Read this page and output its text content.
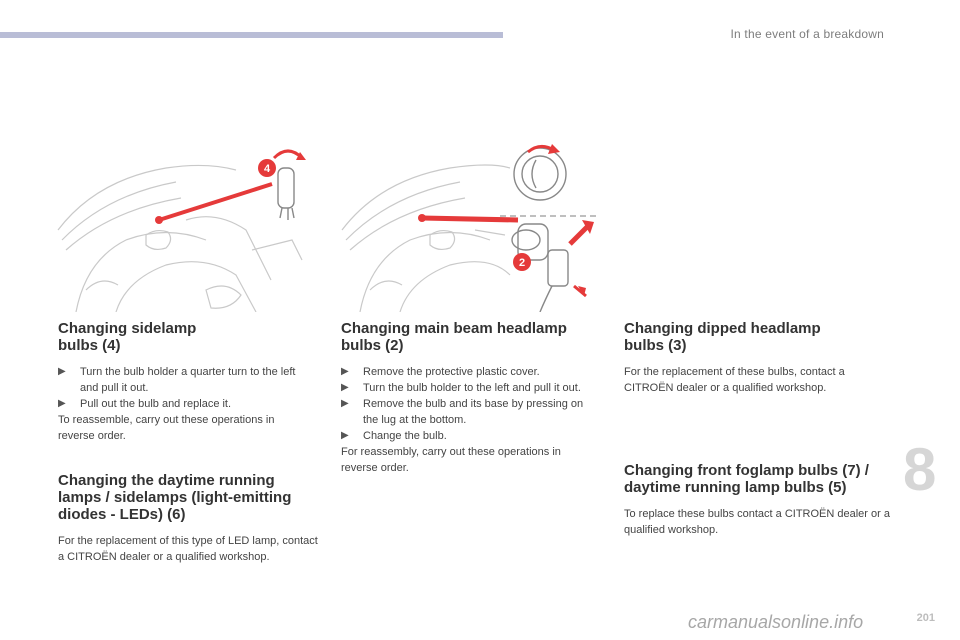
In the event of a breakdown
4
2
Changing sidelamp
bulbs (4)
▶ Turn the bulb holder a quarter turn to the left and pull it out.
▶ Pull out the bulb and replace it.

To reassemble, carry out these operations in reverse order.

Changing the daytime running
lamps / sidelamps (light-emitting
diodes - LEDs) (6)

For the replacement of this type of LED lamp, contact a CITROËN dealer or a qualified workshop.

Changing main beam headlamp
bulbs (2)
▶ Remove the protective plastic cover.
▶ Turn the bulb holder to the left and pull it out.
▶ Remove the bulb and its base by pressing on the lug at the bottom.
▶ Change the bulb.

For reassembly, carry out these operations in reverse order.

Changing dipped headlamp
bulbs (3)

For the replacement of these bulbs, contact a CITROËN dealer or a qualified workshop.

Changing front foglamp bulbs (7) /
daytime running lamp bulbs (5)

To replace these bulbs contact a CITROËN dealer or a qualified workshop.

8
201
carmanualsonline.info
